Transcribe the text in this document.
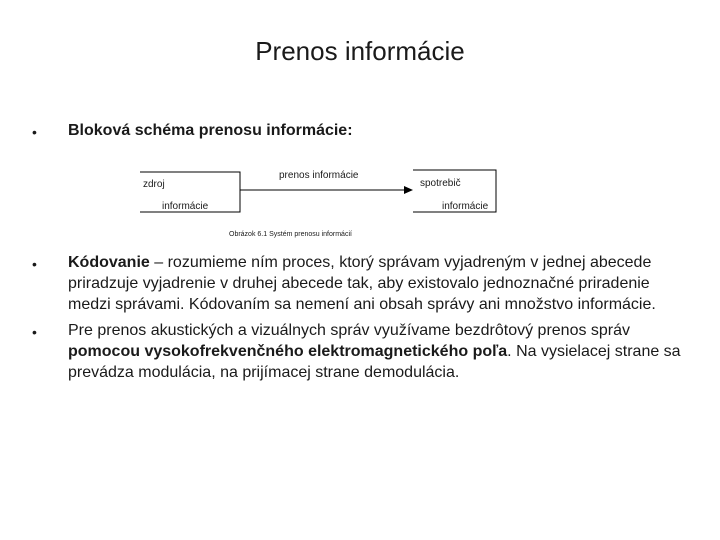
Prenos informácie
• Bloková schéma prenosu informácie:
zdroj
informácie
prenos informácie
spotrebič
informácie
Obrázok 6.1 Systém prenosu informácií
• Kódovanie – rozumieme ním proces, ktorý správam vyjadreným v jednej abecede
priradzuje vyjadrenie v druhej abecede tak, aby existovalo jednoznačné priradenie
medzi správami. Kódovaním sa nemení ani obsah správy ani množstvo informácie.
• Pre prenos akustických a vizuálnych správ využívame bezdrôtový prenos správ
pomocou vysokofrekvenčného elektromagnetického poľa. Na vysielacej strane sa
prevádza modulácia, na prijímacej strane demodulácia.
